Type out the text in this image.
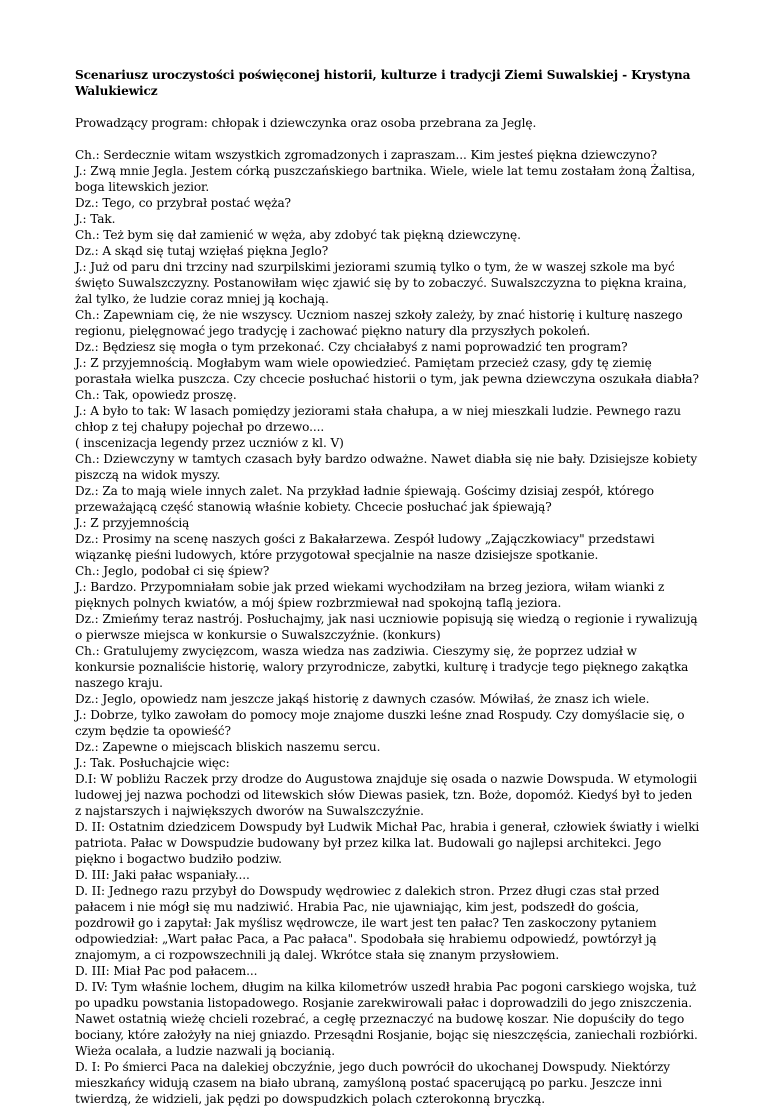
Scenariusz uroczystości poświęconej historii, kulturze i tradycji Ziemi Suwalskiej - Krystyna Walukiewicz

Prowadzący program: chłopak i dziewczynka oraz osoba przebrana za Jeglę.

Ch.: Serdecznie witam wszystkich zgromadzonych i zapraszam... Kim jesteś piękna dziewczyno?

J.: Zwą mnie Jegla. Jestem córką puszczańskiego bartnika. Wiele, wiele lat temu zostałam żoną Żaltisa, boga litewskich jezior.

Dz.: Tego, co przybrał postać węża?

J.: Tak.

Ch.: Też bym się dał zamienić w węża, aby zdobyć tak piękną dziewczynę.

Dz.: A skąd się tutaj wzięłaś piękna Jeglo?

J.: Już od paru dni trzciny nad szurpilskimi jeziorami szumią tylko o tym, że w waszej szkole ma być święto Suwalszczyzny. Postanowiłam więc zjawić się by to zobaczyć. Suwalszczyzna to piękna kraina, żal tylko, że ludzie coraz mniej ją kochają.

Ch.: Zapewniam cię, że nie wszyscy. Uczniom naszej szkoły zależy, by znać historię i kulturę naszego regionu, pielęgnować jego tradycję i zachować piękno natury dla przyszłych pokoleń.

Dz.: Będziesz się mogła o tym przekonać. Czy chciałabyś z nami poprowadzić ten program?

J.: Z przyjemnością. Mogłabym wam wiele opowiedzieć. Pamiętam przecież czasy, gdy tę ziemię porastała wielka puszcza. Czy chcecie posłuchać historii o tym, jak pewna dziewczyna oszukała diabła?

Ch.: Tak, opowiedz proszę.

J.: A było to tak: W lasach pomiędzy jeziorami stała chałupa, a w niej mieszkali ludzie. Pewnego razu chłop z tej chałupy pojechał po drzewo....

( inscenizacja legendy przez uczniów z kl. V)

Ch.: Dziewczyny w tamtych czasach były bardzo odważne. Nawet diabła się nie bały. Dzisiejsze kobiety piszczą na widok myszy.

Dz.: Za to mają wiele innych zalet. Na przykład ładnie śpiewają. Gościmy dzisiaj zespół, którego przeważającą część stanowią właśnie kobiety. Chcecie posłuchać jak śpiewają?

J.: Z przyjemnością

Dz.: Prosimy na scenę naszych gości z Bakałarzewa. Zespół ludowy „Zajączkowiacy" przedstawi wiązankę pieśni ludowych, które przygotował specjalnie na nasze dzisiejsze spotkanie.

Ch.: Jeglo, podobał ci się śpiew?

J.: Bardzo. Przypomniałam sobie jak przed wiekami wychodziłam na brzeg jeziora, wiłam wianki z pięknych polnych kwiatów, a mój śpiew rozbrzmiewał nad spokojną taflą jeziora.

Dz.: Zmieńmy teraz nastrój. Posłuchajmy, jak nasi uczniowie popisują się wiedzą o regionie i rywalizują o pierwsze miejsca w konkursie o Suwalszczyźnie. (konkurs)

Ch.: Gratulujemy zwycięzcom, wasza wiedza nas zadziwia. Cieszymy się, że poprzez udział w konkursie poznaliście historię, walory przyrodnicze, zabytki, kulturę i tradycje tego pięknego zakątka naszego kraju.

Dz.: Jeglo, opowiedz nam jeszcze jakąś historię z dawnych czasów. Mówiłaś, że znasz ich wiele.

J.: Dobrze, tylko zawołam do pomocy moje znajome duszki leśne znad Rospudy. Czy domyślacie się, o czym będzie ta opowieść?

Dz.: Zapewne o miejscach bliskich naszemu sercu.

J.: Tak. Posłuchajcie więc:

D.I: W pobliżu Raczek przy drodze do Augustowa znajduje się osada o nazwie Dowspuda. W etymologii ludowej jej nazwa pochodzi od litewskich słów Diewas pasiek, tzn. Boże, dopomóż. Kiedyś był to jeden z najstarszych i największych dworów na Suwalszczyźnie.

D. II: Ostatnim dziedzicem Dowspudy był Ludwik Michał Pac, hrabia i generał, człowiek światły i wielki patriota. Pałac w Dowspudzie budowany był przez kilka lat. Budowali go najlepsi architekci. Jego piękno i bogactwo budziło podziw.

D. III: Jaki pałac wspaniały....

D. II: Jednego razu przybył do Dowspudy wędrowiec z dalekich stron. Przez długi czas stał przed pałacem i nie mógł się mu nadziwić. Hrabia Pac, nie ujawniając, kim jest, podszedł do gościa, pozdrowił go i zapytał: Jak myślisz wędrowcze, ile wart jest ten pałac? Ten zaskoczony pytaniem odpowiedział: „Wart pałac Paca, a Pac pałaca". Spodobała się hrabiemu odpowiedź, powtórzył ją znajomym, a ci rozpowszechnili ją dalej. Wkrótce stała się znanym przysłowiem.

D. III: Miał Pac pod pałacem...

D. IV: Tym właśnie lochem, długim na kilka kilometrów uszedł hrabia Pac pogoni carskiego wojska, tuż po upadku powstania listopadowego. Rosjanie zarekwirowali pałac i doprowadzili do jego zniszczenia. Nawet ostatnią wieżę chcieli rozebrać, a cegłę przeznaczyć na budowę koszar. Nie dopuściły do tego bociany, które założyły na niej gniazdo. Przesądni Rosjanie, bojąc się nieszczęścia, zaniechali rozbiórki. Wieża ocalała, a ludzie nazwali ją bocianią.

D. I: Po śmierci Paca na dalekiej obczyźnie, jego duch powrócił do ukochanej Dowspudy. Niektórzy mieszkańcy widują czasem na biało ubraną, zamyśloną postać spacerującą po parku. Jeszcze inni twierdzą, że widzieli, jak pędzi po dowspudzkich polach czterokonną bryczką.
